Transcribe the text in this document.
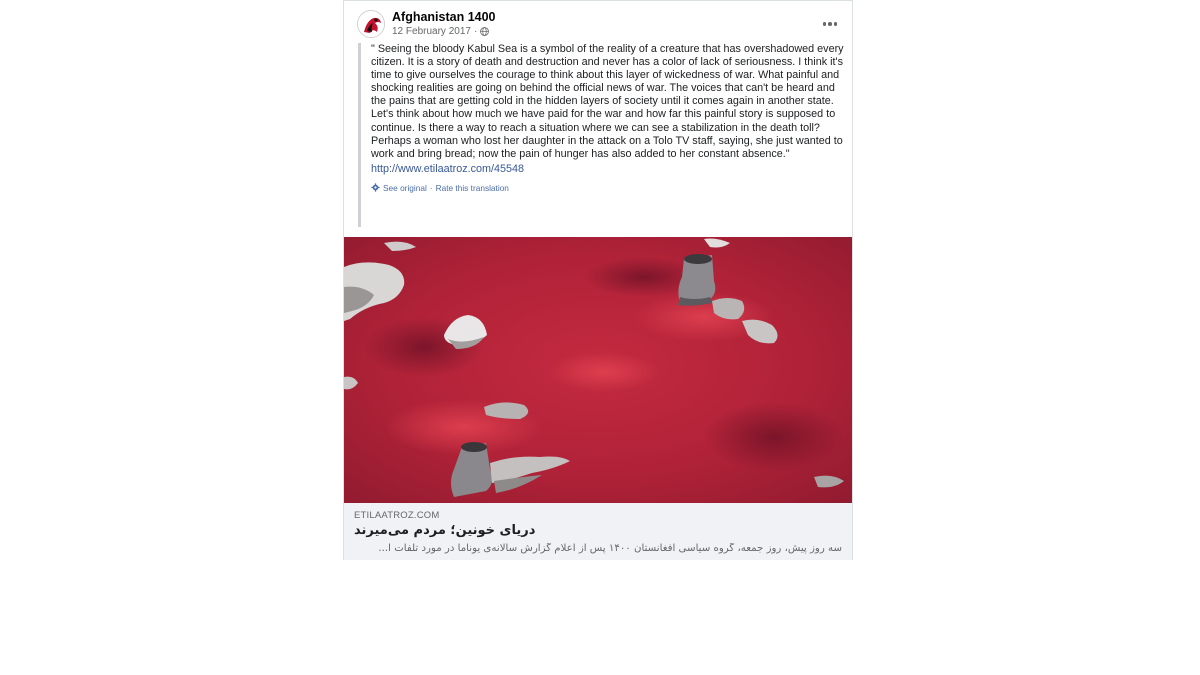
Afghanistan 1400
12 February 2017 ·

" Seeing the bloody Kabul Sea is a symbol of the reality of a creature that has overshadowed every citizen. It is a story of death and destruction and never has a color of lack of seriousness. I think it's time to give ourselves the courage to think about this layer of wickedness of war. What painful and shocking realities are going on behind the official news of war. The voices that can't be heard and the pains that are getting cold in the hidden layers of society until it comes again in another state. Let's think about how much we have paid for the war and how far this painful story is supposed to continue. Is there a way to reach a situation where we can see a stabilization in the death toll? Perhaps a woman who lost her daughter in the attack on a Tolo TV staff, saying, she just wanted to work and bring bread; now the pain of hunger has also added to her constant absence."

http://www.etilaatroz.com/45548
See original · Rate this translation
ETILAATROZ.COM
دریای خونین؛ مردم می‌میرند
سه روز پیش، روز جمعه، گروه سیاسی افغانستان ۱۴۰۰ پس از اعلام گزارش سالانه‌ی یوناما در مورد تلفات ا...
